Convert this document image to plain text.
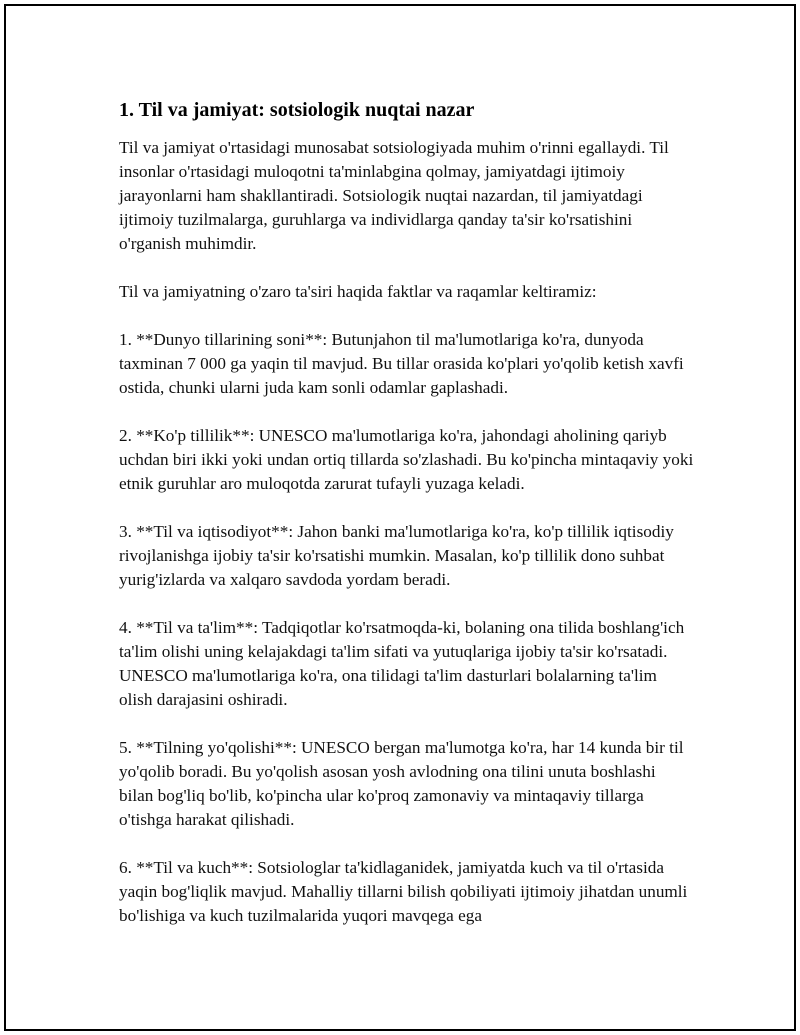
1. Til va jamiyat: sotsiologik nuqtai nazar

Til va jamiyat o'rtasidagi munosabat sotsiologiyada muhim o'rinni egallaydi. Til insonlar o'rtasidagi muloqotni ta'minlabgina qolmay, jamiyatdagi ijtimoiy jarayonlarni ham shakllantiradi. Sotsiologik nuqtai nazardan, til jamiyatdagi ijtimoiy tuzilmalarga, guruhlarga va individlarga qanday ta'sir ko'rsatishini o'rganish muhimdir.

Til va jamiyatning o'zaro ta'siri haqida faktlar va raqamlar keltiramiz:

1. **Dunyo tillarining soni**: Butunjahon til ma'lumotlariga ko'ra, dunyoda taxminan 7 000 ga yaqin til mavjud. Bu tillar orasida ko'plari yo'qolib ketish xavfi ostida, chunki ularni juda kam sonli odamlar gaplashadi.

2. **Ko'p tillilik**: UNESCO ma'lumotlariga ko'ra, jahondagi aholining qariyb uchdan biri ikki yoki undan ortiq tillarda so'zlashadi. Bu ko'pincha mintaqaviy yoki etnik guruhlar aro muloqotda zarurat tufayli yuzaga keladi.

3. **Til va iqtisodiyot**: Jahon banki ma'lumotlariga ko'ra, ko'p tillilik iqtisodiy rivojlanishga ijobiy ta'sir ko'rsatishi mumkin. Masalan, ko'p tillilik dono suhbat yurig'izlarda va xalqaro savdoda yordam beradi.

4. **Til va ta'lim**: Tadqiqotlar ko'rsatmoqda-ki, bolaning ona tilida boshlang'ich ta'lim olishi uning kelajakdagi ta'lim sifati va yutuqlariga ijobiy ta'sir ko'rsatadi. UNESCO ma'lumotlariga ko'ra, ona tilidagi ta'lim dasturlari bolalarning ta'lim olish darajasini oshiradi.

5. **Tilning yo'qolishi**: UNESCO bergan ma'lumotga ko'ra, har 14 kunda bir til yo'qolib boradi. Bu yo'qolish asosan yosh avlodning ona tilini unuta boshlashi bilan bog'liq bo'lib, ko'pincha ular ko'proq zamonaviy va mintaqaviy tillarga o'tishga harakat qilishadi.

6. **Til va kuch**: Sotsiologlar ta'kidlaganidek, jamiyatda kuch va til o'rtasida yaqin bog'liqlik mavjud. Mahalliy tillarni bilish qobiliyati ijtimoiy jihatdan unumli bo'lishiga va kuch tuzilmalarida yuqori mavqega ega
